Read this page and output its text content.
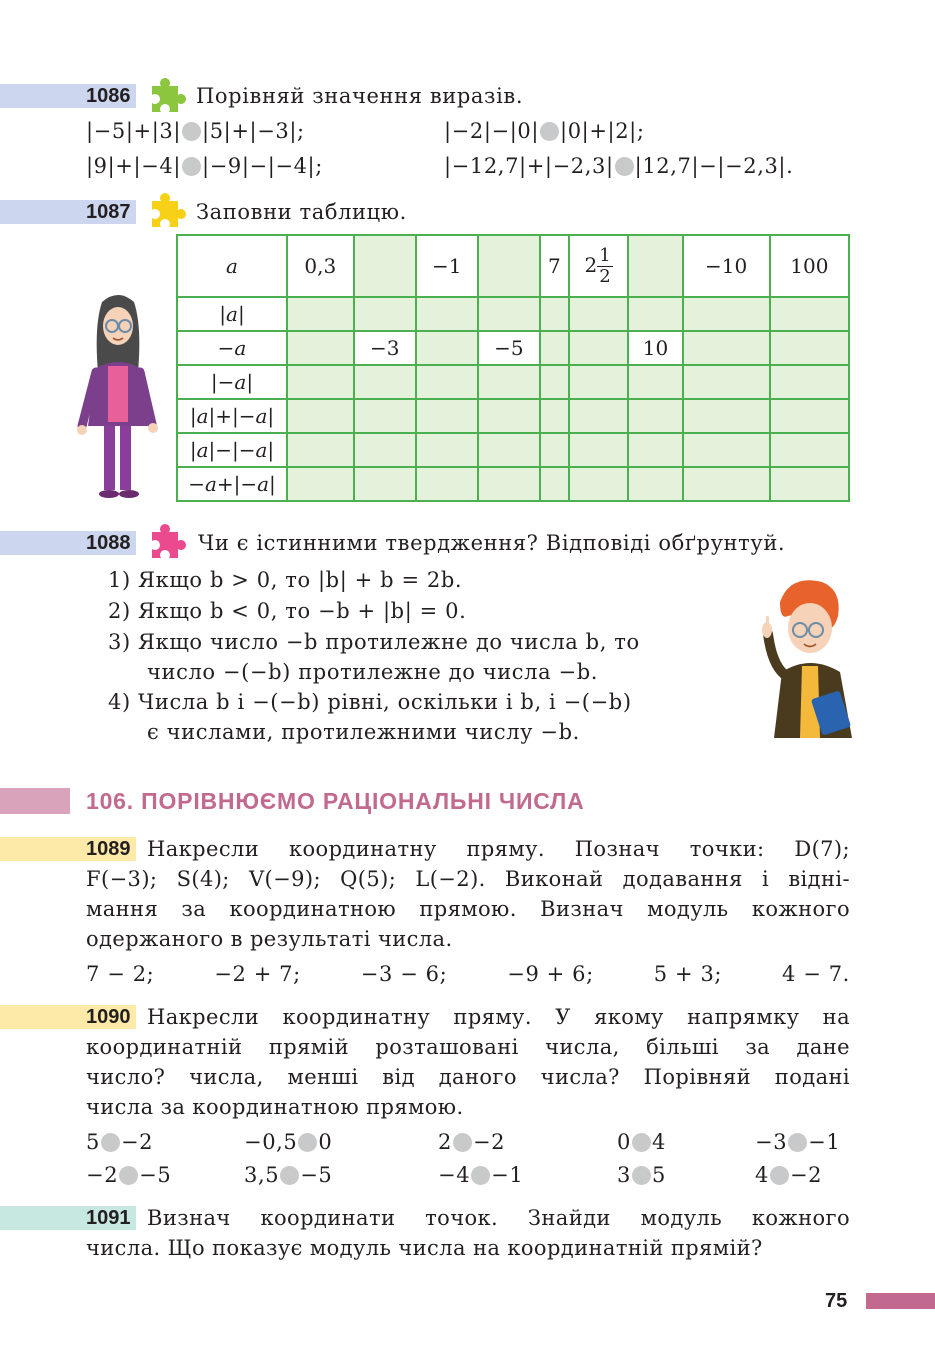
1086	Порівняй значення виразів.
|−5|+|3| |5|+|−3|;	|−2|−|0| |0|+|2|;
|9|+|−4| |−9|−|−4|;	|−12,7|+|−2,3| |12,7|−|−2,3|.
1087	Заповни таблицю.
a	0,3		−1		7	$2 \frac{1}{2}$		−10	100
|a|									
−a		−3		−5			10		
|−a|									
|a|+|−a|									
|a|−|−a|									
−a+|−a|									
1088	Чи є істинними твердження? Відповіді обґрунтуй.
1) Якщо b > 0, то |b| + b = 2b.
2) Якщо b < 0, то −b + |b| = 0.
3) Якщо число −b протилежне до числа b, то
число −(−b) протилежне до числа −b.
4) Числа b і −(−b) рівні, оскільки і b, і −(−b)
є числами, протилежними числу −b.
106. ПОРІВНЮЄМО РАЦІОНАЛЬНІ ЧИСЛА
1089 Накресли координатну пряму. Познач точки: D(7);
F(−3); S(4); V(−9); Q(5); L(−2). Виконай додавання і відні-
мання за координатною прямою. Визнач модуль кожного
одержаного в результаті числа.
7 − 2;	−2 + 7;	−3 − 6;	−9 + 6;	5 + 3;	4 − 7.
1090 Накресли координатну пряму. У якому напрямку на
координатній прямій розташовані числа, більші за дане
число? числа, менші від даного числа? Порівняй подані
числа за координатною прямою.
5 −2	−0,5 0	2 −2	0 4	−3 −1
−2 −5	3,5 −5	−4 −1	3 5	4 −2
1091 Визнач координати точок. Знайди модуль кожного
числа. Що показує модуль числа на координатній прямій?
75
